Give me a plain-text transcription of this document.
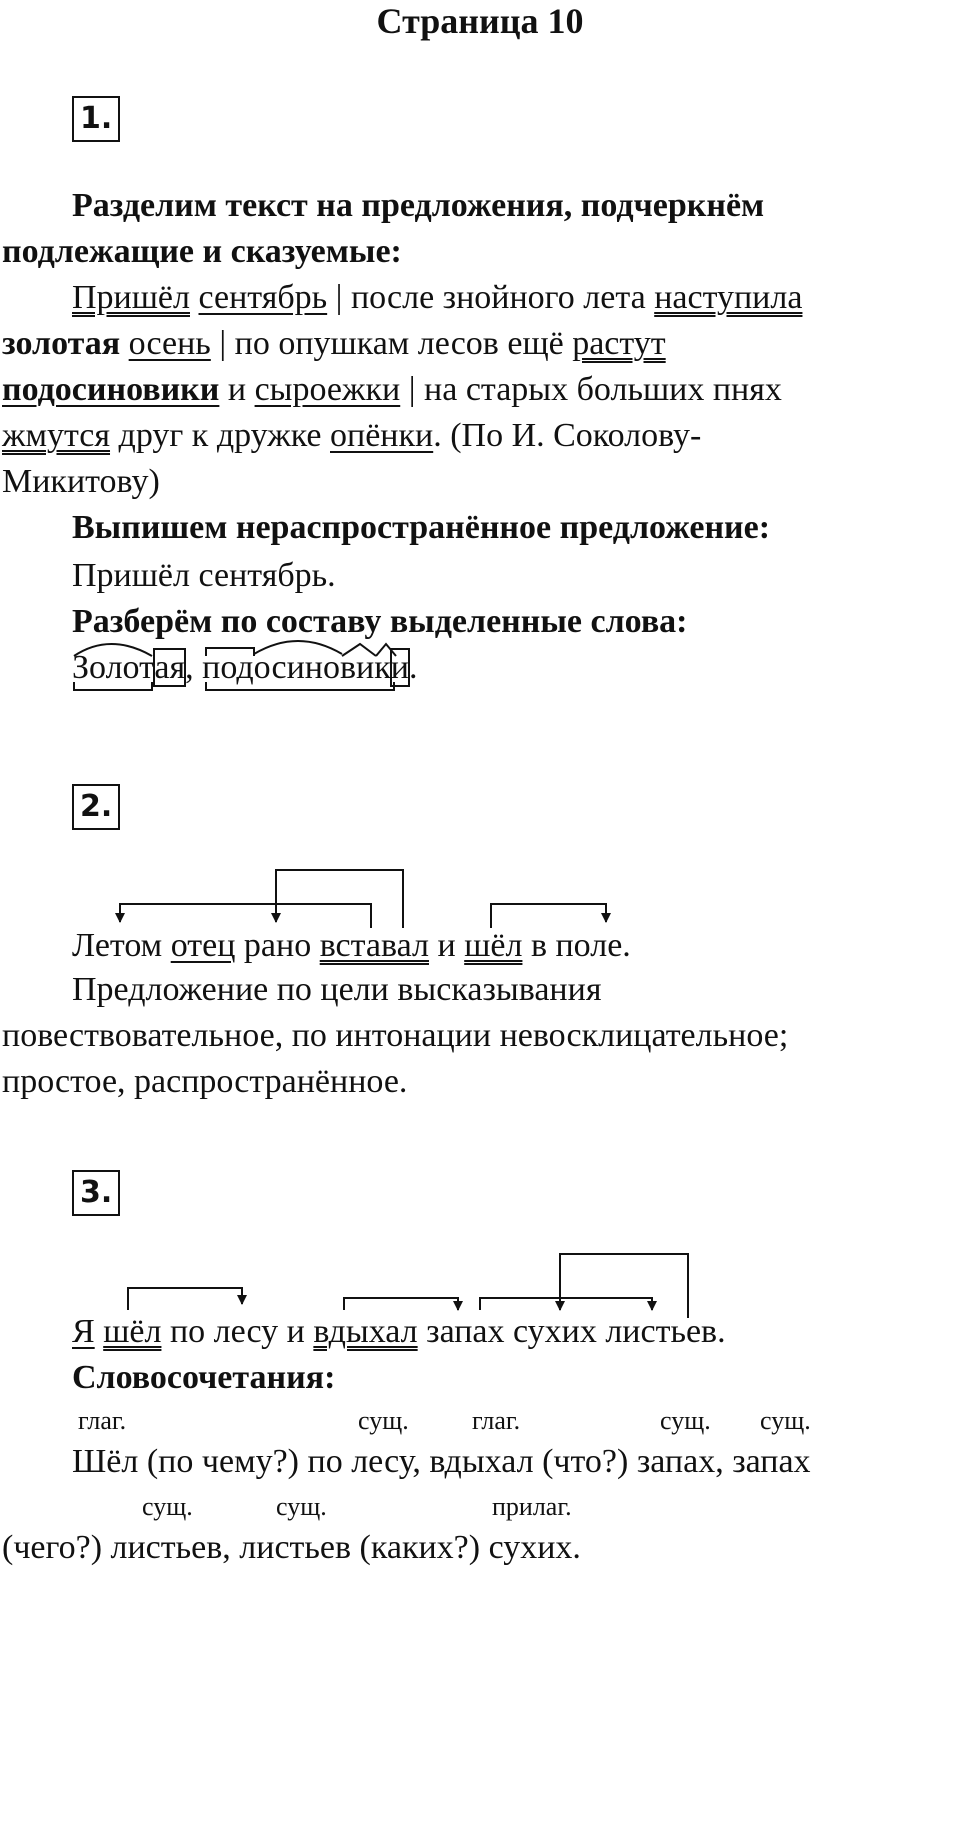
Страница 10
1.
Разделим текст на предложения, подчеркнём
подлежащие и сказуемые:
Пришёл сентябрь | после знойного лета наступила
золотая осень | по опушкам лесов ещё растут
подосиновики и сыроежки | на старых больших пнях
жмутся друг к дружке опёнки. (По И. Соколову-
Микитову)
Выпишем нераспространённое предложение:
Пришёл сентябрь.
Разберём по составу выделенные слова:
Золотая, подосиновики.
2.
Летом отец рано вставал и шёл в поле.
Предложение по цели высказывания
повествовательное, по интонации невосклицательное;
простое, распространённое.
3.
Я шёл по лесу и вдыхал запах сухих листьев.
Словосочетания:
глаг.	сущ. глаг.	сущ. сущ.
Шёл (по чему?) по лесу, вдыхал (что?) запах, запах
сущ.	сущ.	прилаг.
(чего?) листьев, листьев (каких?) сухих.
